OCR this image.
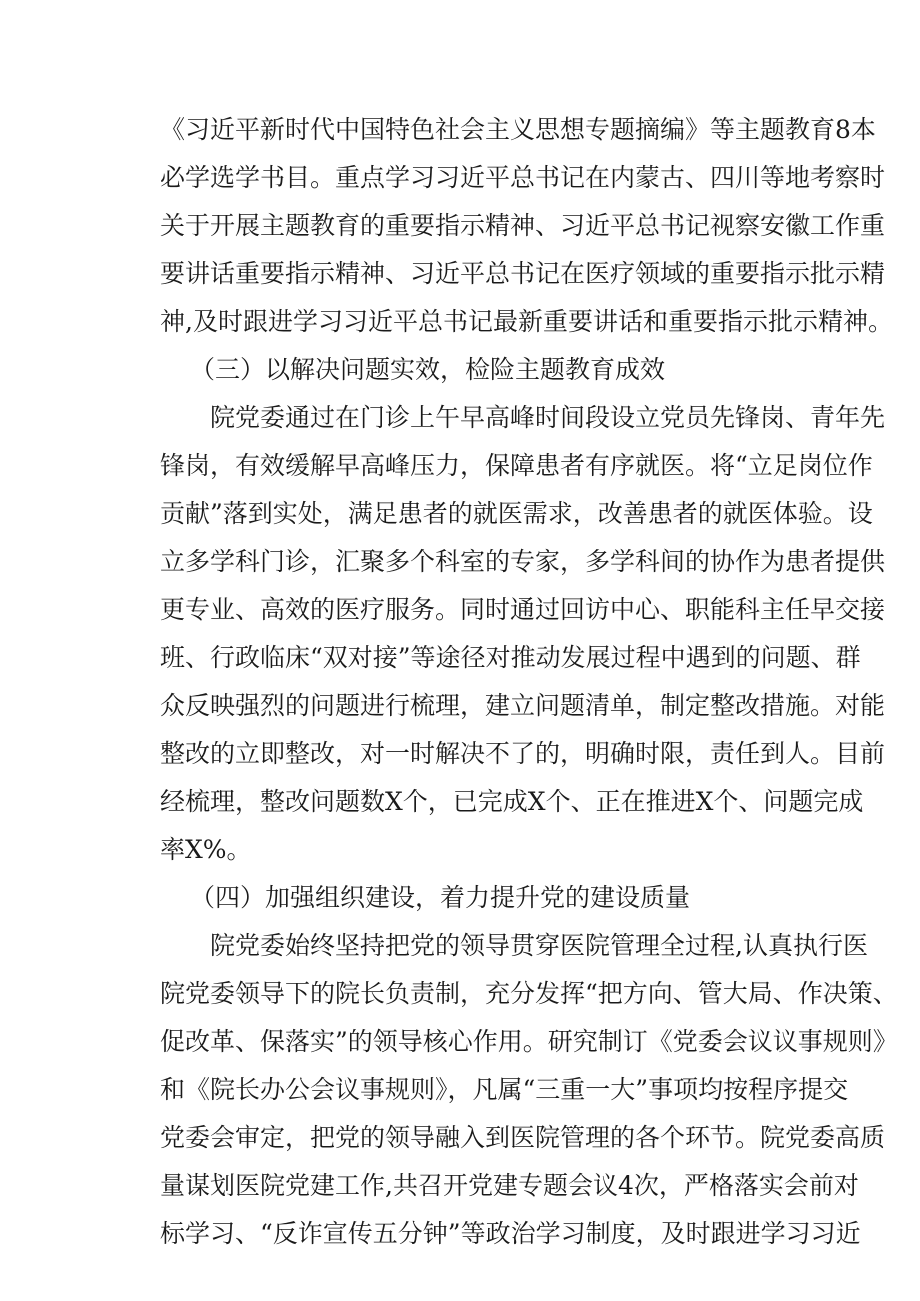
《习近平新时代中国特色社会主义思想专题摘编》等主题教育8本
必学选学书目。重点学习习近平总书记在内蒙古、四川等地考察时
关于开展主题教育的重要指示精神、习近平总书记视察安徽工作重
要讲话重要指示精神、习近平总书记在医疗领域的重要指示批示精
神,及时跟进学习习近平总书记最新重要讲话和重要指示批示精神。
（三）以解决问题实效，检险主题教育成效
院党委通过在门诊上午早高峰时间段设立党员先锋岗、青年先
锋岗，有效缓解早高峰压力，保障患者有序就医。将“立足岗位作
贡献”落到实处，满足患者的就医需求，改善患者的就医体验。设
立多学科门诊，汇聚多个科室的专家，多学科间的协作为患者提供
更专业、高效的医疗服务。同时通过回访中心、职能科主任早交接
班、行政临床“双对接”等途径对推动发展过程中遇到的问题、群
众反映强烈的问题进行梳理，建立问题清单，制定整改措施。对能
整改的立即整改，对一时解决不了的，明确时限，责任到人。目前
经梳理，整改问题数X个，已完成X个、正在推进X个、问题完成
率X%。
（四）加强组织建设，着力提升党的建设质量
院党委始终坚持把党的领导贯穿医院管理全过程,认真执行医
院党委领导下的院长负责制，充分发挥“把方向、管大局、作决策、
促改革、保落实”的领导核心作用。研究制订《党委会议议事规则》
和《院长办公会议事规则》，凡属“三重一大”事项均按程序提交
党委会审定，把党的领导融入到医院管理的各个环节。院党委高质
量谋划医院党建工作,共召开党建专题会议4次，严格落实会前对
标学习、“反诈宣传五分钟”等政治学习制度，及时跟进学习习近
